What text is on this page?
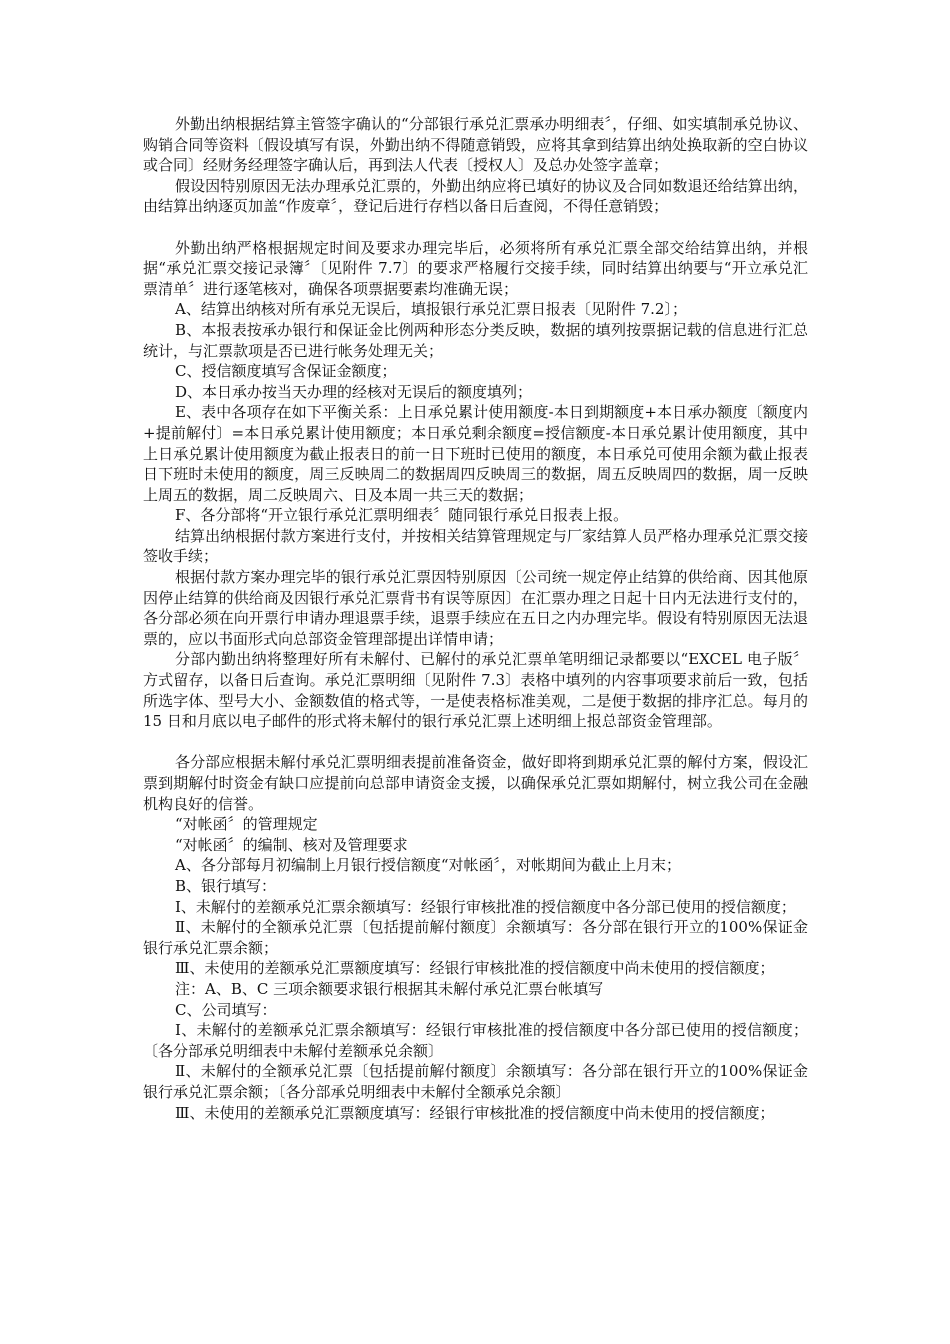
外勤出纳根据结算主管签字确认的“分部银行承兑汇票承办明细表〞，仔细、如实填制承兑协议、购销合同等资料〔假设填写有误，外勤出纳不得随意销毁，应将其拿到结算出纳处换取新的空白协议或合同〕经财务经理签字确认后，再到法人代表〔授权人〕及总办处签字盖章；

假设因特别原因无法办理承兑汇票的，外勤出纳应将已填好的协议及合同如数退还给结算出纳，由结算出纳逐页加盖“作废章〞，登记后进行存档以备日后查阅，不得任意销毁；

外勤出纳严格根据规定时间及要求办理完毕后，必须将所有承兑汇票全部交给结算出纳，并根据“承兑汇票交接记录簿〞〔见附件 7.7〕的要求严格履行交接手续，同时结算出纳要与“开立承兑汇票清单〞进行逐笔核对，确保各项票据要素均准确无误；

A、结算出纳核对所有承兑无误后，填报银行承兑汇票日报表〔见附件 7.2〕；

B、本报表按承办银行和保证金比例两种形态分类反映，数据的填列按票据记载的信息进行汇总统计，与汇票款项是否已进行帐务处理无关；

C、授信额度填写含保证金额度；

D、本日承办按当天办理的经核对无误后的额度填列；

E、表中各项存在如下平衡关系：上日承兑累计使用额度-本日到期额度+本日承办额度〔额度内+提前解付〕=本日承兑累计使用额度；本日承兑剩余额度=授信额度-本日承兑累计使用额度，其中上日承兑累计使用额度为截止报表日的前一日下班时已使用的额度，本日承兑可使用余额为截止报表日下班时未使用的额度，周三反映周二的数据周四反映周三的数据，周五反映周四的数据，周一反映上周五的数据，周二反映周六、日及本周一共三天的数据；

F、各分部将“开立银行承兑汇票明细表〞随同银行承兑日报表上报。

结算出纳根据付款方案进行支付，并按相关结算管理规定与厂家结算人员严格办理承兑汇票交接签收手续；

根据付款方案办理完毕的银行承兑汇票因特别原因〔公司统一规定停止结算的供给商、因其他原因停止结算的供给商及因银行承兑汇票背书有误等原因〕在汇票办理之日起十日内无法进行支付的，各分部必须在向开票行申请办理退票手续，退票手续应在五日之内办理完毕。假设有特别原因无法退票的，应以书面形式向总部资金管理部提出详情申请；

分部内勤出纳将整理好所有未解付、已解付的承兑汇票单笔明细记录都要以“EXCEL 电子版〞方式留存，以备日后查询。承兑汇票明细〔见附件 7.3〕表格中填列的内容事项要求前后一致，包括所选字体、型号大小、金额数值的格式等，一是使表格标准美观，二是便于数据的排序汇总。每月的 15 日和月底以电子邮件的形式将未解付的银行承兑汇票上述明细上报总部资金管理部。

各分部应根据未解付承兑汇票明细表提前准备资金，做好即将到期承兑汇票的解付方案，假设汇票到期解付时资金有缺口应提前向总部申请资金支援，以确保承兑汇票如期解付，树立我公司在金融机构良好的信誉。

“对帐函〞的管理规定

“对帐函〞的编制、核对及管理要求

A、各分部每月初编制上月银行授信额度“对帐函〞，对帐期间为截止上月末；

B、银行填写：

Ⅰ、未解付的差额承兑汇票余额填写：经银行审核批准的授信额度中各分部已使用的授信额度；

Ⅱ、未解付的全额承兑汇票〔包括提前解付额度〕余额填写：各分部在银行开立的100%保证金银行承兑汇票余额；

Ⅲ、未使用的差额承兑汇票额度填写：经银行审核批准的授信额度中尚未使用的授信额度；

注：A、B、C 三项余额要求银行根据其未解付承兑汇票台帐填写

C、公司填写：

Ⅰ、未解付的差额承兑汇票余额填写：经银行审核批准的授信额度中各分部已使用的授信额度；〔各分部承兑明细表中未解付差额承兑余额〕

Ⅱ、未解付的全额承兑汇票〔包括提前解付额度〕余额填写：各分部在银行开立的100%保证金银行承兑汇票余额；〔各分部承兑明细表中未解付全额承兑余额〕

Ⅲ、未使用的差额承兑汇票额度填写：经银行审核批准的授信额度中尚未使用的授信额度；
